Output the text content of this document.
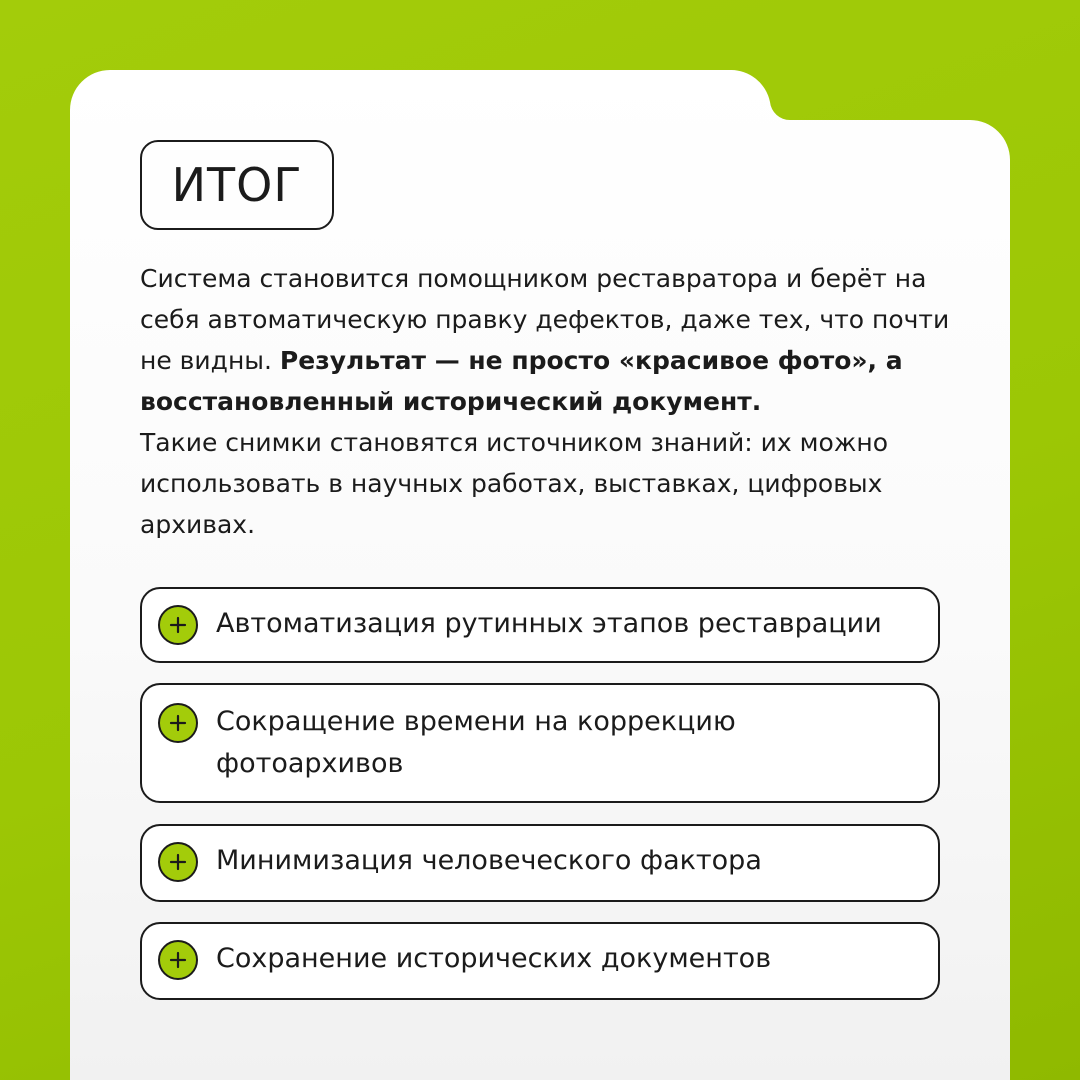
ИТОГ

Система становится помощником реставратора и берёт на себя автоматическую правку дефектов, даже тех, что почти не видны. Результат — не просто «красивое фото», а восстановленный исторический документ.

Такие снимки становятся источником знаний: их можно использовать в научных работах, выставках, цифровых архивах.

Автоматизация рутинных этапов реставрации
Сокращение времени на коррекцию фотоархивов
Минимизация человеческого фактора
Сохранение исторических документов
